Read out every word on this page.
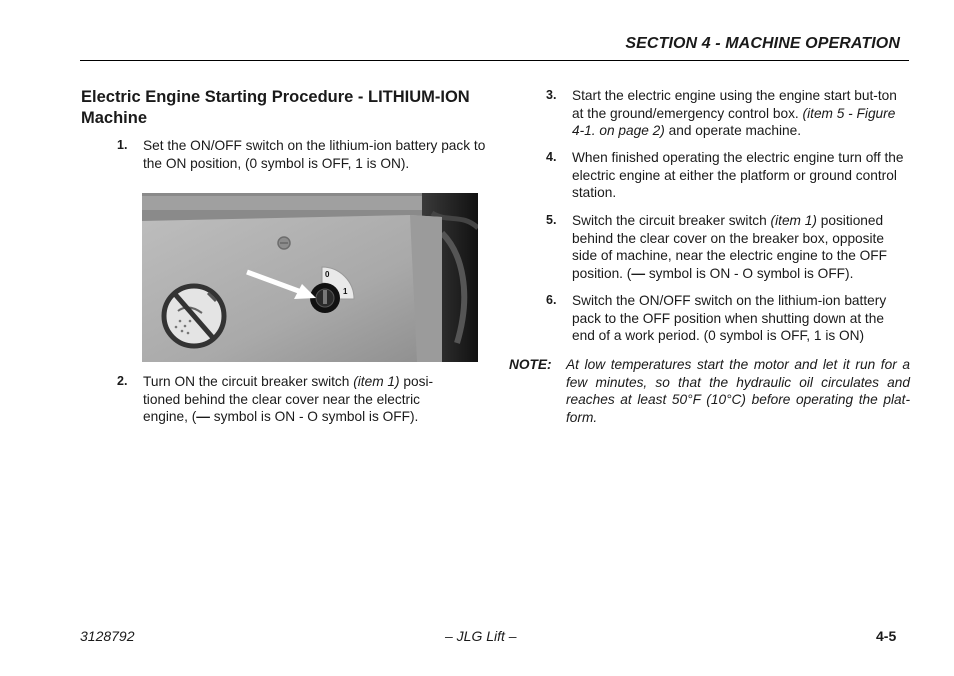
SECTION 4 - MACHINE OPERATION
Electric Engine Starting Procedure - LITHIUM-ION Machine
1. Set the ON/OFF switch on the lithium-ion battery pack to the ON position, (0 symbol is OFF, 1 is ON).
0
1
2. Turn ON the circuit breaker switch (item 1) posi-tioned behind the clear cover near the electric engine, (— symbol is ON - O symbol is OFF).
3. Start the electric engine using the engine start but-ton at the ground/emergency control box. (item 5 - Figure 4-1. on page 2) and operate machine.
4. When finished operating the electric engine turn off the electric engine at either the platform or ground control station.
5. Switch the circuit breaker switch (item 1) positioned behind the clear cover on the breaker box, opposite side of machine, near the electric engine to the OFF position. (— symbol is ON - O symbol is OFF).
6. Switch the ON/OFF switch on the lithium-ion battery pack to the OFF position when shutting down at the end of a work period. (0 symbol is OFF, 1 is ON)
NOTE: At low temperatures start the motor and let it run for a few minutes, so that the hydraulic oil circulates and reaches at least 50°F (10°C) before operating the plat-form.
3128792	– JLG Lift –	4-5
